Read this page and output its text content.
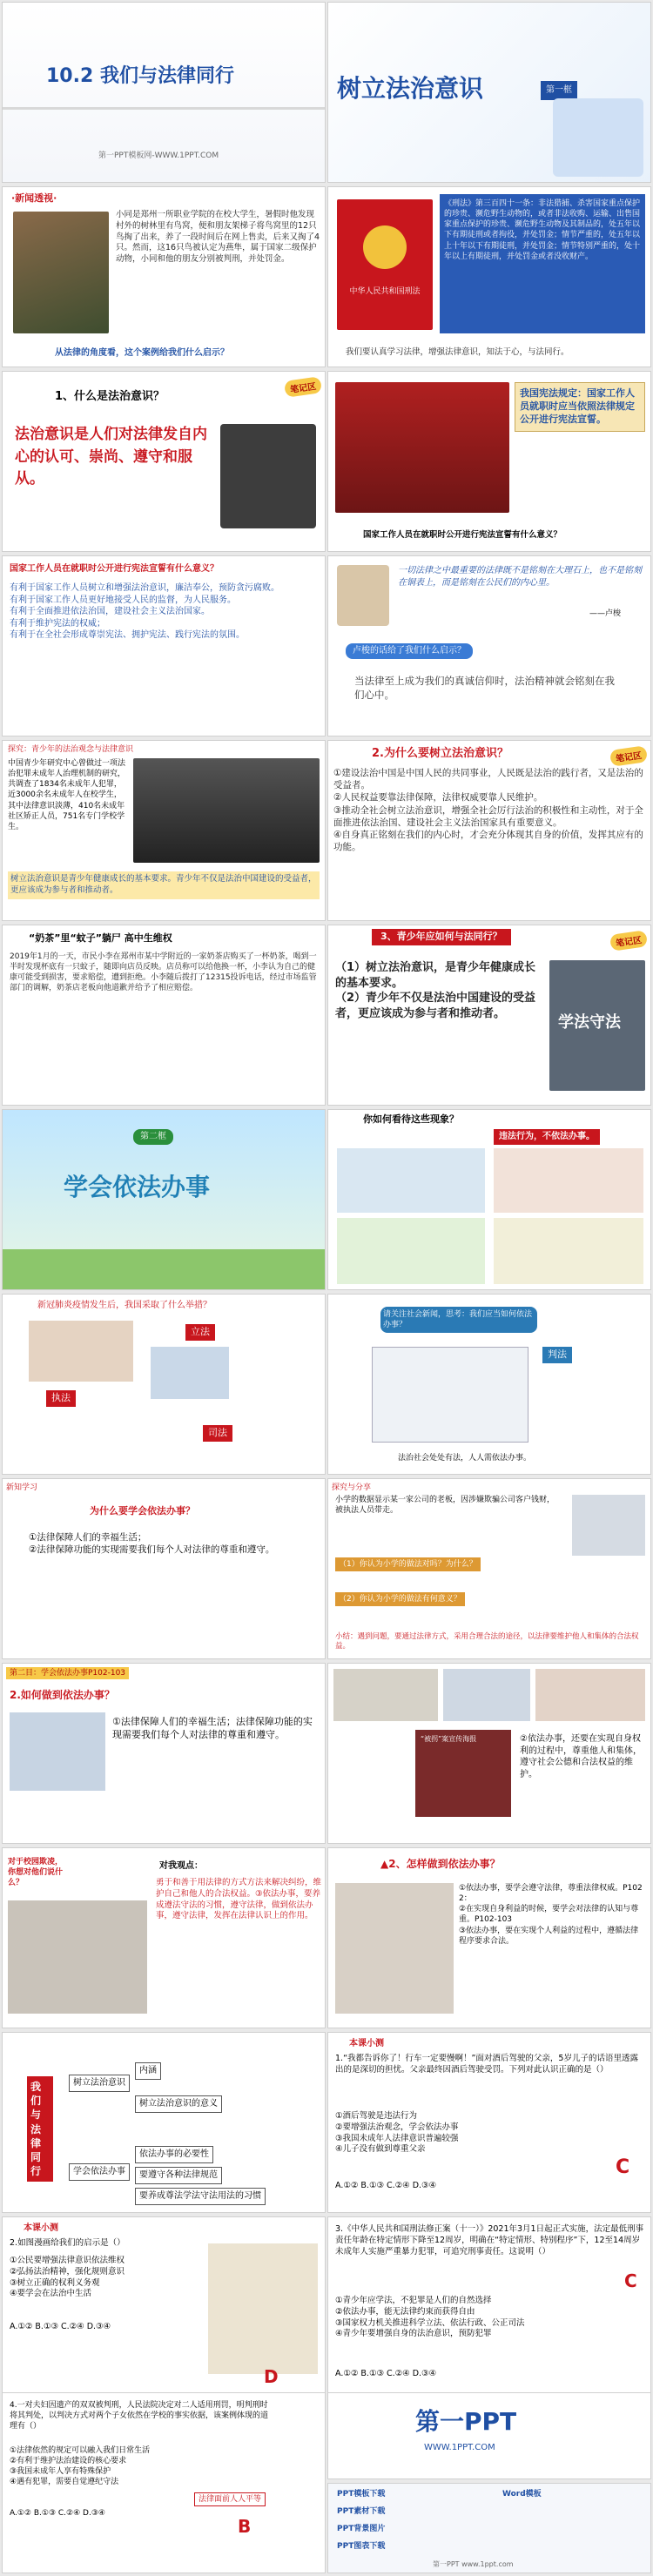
10.2 我们与法律同行
第一PPT模板网-WWW.1PPT.COM
树立法治意识	第一框
·新闻透视·
小同是郑州一所职业学院的在校大学生，暑假时他发现村外的树林里有鸟窝，便和朋友架梯子将鸟窝里的12只鸟掏了出来，养了一段时间后在网上售卖，后来又掏了4只。然而，这16只鸟被认定为燕隼，属于国家二级保护动物，小同和他的朋友分别被判刑，并处罚金。
从法律的角度看，这个案例给我们什么启示？
中华人民共和国刑法
《刑法》第三百四十一条：非法猎捕、杀害国家重点保护的珍贵、濒危野生动物的，或者非法收购、运输、出售国家重点保护的珍贵、濒危野生动物及其制品的，处五年以下有期徒刑或者拘役，并处罚金；情节严重的，处五年以上十年以下有期徒刑，并处罚金；情节特别严重的，处十年以上有期徒刑，并处罚金或者没收财产。
我们要认真学习法律，增强法律意识，知法于心，与法同行。
笔记区
1、什么是法治意识？
法治意识是人们对法律发自内心的认可、崇尚、遵守和服从。
我国宪法规定：国家工作人员就职时应当依照法律规定公开进行宪法宣誓。
国家工作人员在就职时公开进行宪法宣誓有什么意义？
国家工作人员在就职时公开进行宪法宣誓有什么意义？
有利于国家工作人员树立和增强法治意识，廉洁奉公，预防贪污腐败。
有利于国家工作人员更好地接受人民的监督，为人民服务。
有利于全面推进依法治国，建设社会主义法治国家。
有利于维护宪法的权威；
有利于在全社会形成尊崇宪法、拥护宪法、践行宪法的氛围。
一切法律之中最重要的法律既不是铭刻在大理石上，也不是铭刻在铜表上，而是铭刻在公民们的内心里。
——卢梭
卢梭的话给了我们什么启示？
当法律至上成为我们的真诚信仰时，法治精神就会铭刻在我们心中。
探究：青少年的法治观念与法律意识
中国青少年研究中心曾做过一项法治犯罪未成年人治理机制的研究，共调查了1834名未成年人犯罪，近3000余名未成年人在校学生，其中法律意识淡薄，410名未成年社区矫正人员，751名专门学校学生。
树立法治意识是青少年健康成长的基本要求。青少年不仅是法治中国建设的受益者，更应该成为参与者和推动者。
笔记区
2.为什么要树立法治意识？
①建设法治中国是中国人民的共同事业，人民既是法治的践行者，又是法治的受益者。
②人民权益要靠法律保障，法律权威要靠人民维护。
③推动全社会树立法治意识，增强全社会厉行法治的积极性和主动性，对于全面推进依法治国、建设社会主义法治国家具有重要意义。
④自身真正铭刻在我们的内心时，才会充分体现其自身的价值，发挥其应有的功能。
“奶茶”里“蚊子”躺尸 高中生维权
2019年1月的一天，市民小李在郑州市某中学附近的一家奶茶店购买了一杯奶茶，喝到一半时发现杯底有一只蚊子，随即向店员反映。店员称可以给他换一杯，小李认为自己的健康可能受到损害，要求赔偿，遭到拒绝。小李随后拨打了12315投诉电话，经过市场监管部门的调解，奶茶店老板向他道歉并给予了相应赔偿。
笔记区
3、青少年应如何与法同行？
（1）树立法治意识，是青少年健康成长的基本要求。
（2）青少年不仅是法治中国建设的受益者，更应该成为参与者和推动者。	学法守法
第二框
学会依法办事
你如何看待这些现象？
违法行为，不依法办事。
新冠肺炎疫情发生后，我国采取了什么举措？
立法
执法
司法
请关注社会新闻，思考：我们应当如何依法办事？
判法
法治社会处处有法，人人需依法办事。
新知学习
为什么要学会依法办事？
①法律保障人们的幸福生活；
②法律保障功能的实现需要我们每个人对法律的尊重和遵守。
探究与分享
小学的数据显示某一家公司的老板，因涉嫌欺骗公司客户钱财，被执法人员带走。
（1）你认为小学的做法对吗？为什么？
（2）你认为小学的做法有何意义？
小结：遇到问题，要通过法律方式，采用合理合法的途径，以法律要维护他人和集体的合法权益。
第二目：学会依法办事P102-103
2.如何做到依法办事？
①法律保障人们的幸福生活；法律保障功能的实现需要我们每个人对法律的尊重和遵守。	“被拐”案宣传海报	②依法办事，还要在实现自身权利的过程中，尊重他人和集体，遵守社会公德和合法权益的维护。
对于校园欺凌，你想对他们说什么？
对我观点：
勇于和善于用法律的方式方法来解决纠纷，维护自己和他人的合法权益。③依法办事，要养成遵法守法的习惯，遵守法律，做到依法办事，遵守法律，发挥在法律认识上的作用。
▲2、怎样做到依法办事？
①依法办事，要学会遵守法律，尊重法律权威。P102 2：
②在实现自身利益的时候，要学会对法律的认知与尊重。P102-103
③依法办事，要在实现个人利益的过程中，遵循法律程序要求合法。
我们与法律同行
树立法治意识
学会依法办事
内涵
树立法治意识的意义
依法办事的必要性
要遵守各种法律规范
要养成尊法学法守法用法的习惯
本课小测
1.“我都告诉你了！行车一定要慢啊！”面对酒后驾驶的父亲，5岁儿子的话语里透露出的是深切的担忧。父亲最终因酒后驾驶受罚。下列对此认识正确的是（）
①酒后驾驶是违法行为
②要增强法治观念，学会依法办事
③我国未成年人法律意识普遍较强
④儿子没有做到尊重父亲
A.①② B.①③ C.②④ D.③④
C
本课小测
2.如图漫画给我们的启示是（）
①公民要增强法律意识依法维权
②弘扬法治精神，强化规则意识
③树立正确的权利义务观
④要学会在法治中生活
A.①② B.①③ C.②④ D.③④
D
3.《中华人民共和国刑法修正案（十一）》2021年3月1日起正式实施，法定最低刑事责任年龄在特定情形下降至12周岁，明确在“特定情形、特别程序”下，12至14周岁未成年人实施严重暴力犯罪，可追究刑事责任。这说明（）
①青少年应学法，不犯罪是人们的自然选择
②依法办事，能无法律约束而获得自由
③国家权力机关推进科学立法、依法行政、公正司法
④青少年要增强自身的法治意识，预防犯罪
A.①② B.①③ C.②④ D.③④
C
4.一对夫妇因遗产的双双被判刑，人民法院决定对二人适用刑罚，明判刑时将其判处，以判决方式对两个子女依然在学校的事实依据，该案例体现的道理有（）
①法律依然的规定可以融入我们日常生活
②有利于维护法治建设的核心要求
③我国未成年人享有特殊保护
④遇有犯罪，需要自觉遵纪守法
A.①② B.①③ C.②④ D.③④
法律面前人人平等
B
第一PPT
WWW.1PPT.COM
PPT模板下载
PPT素材下载
PPT背景图片
PPT图表下载
Word模板
第一PPT www.1ppt.com
